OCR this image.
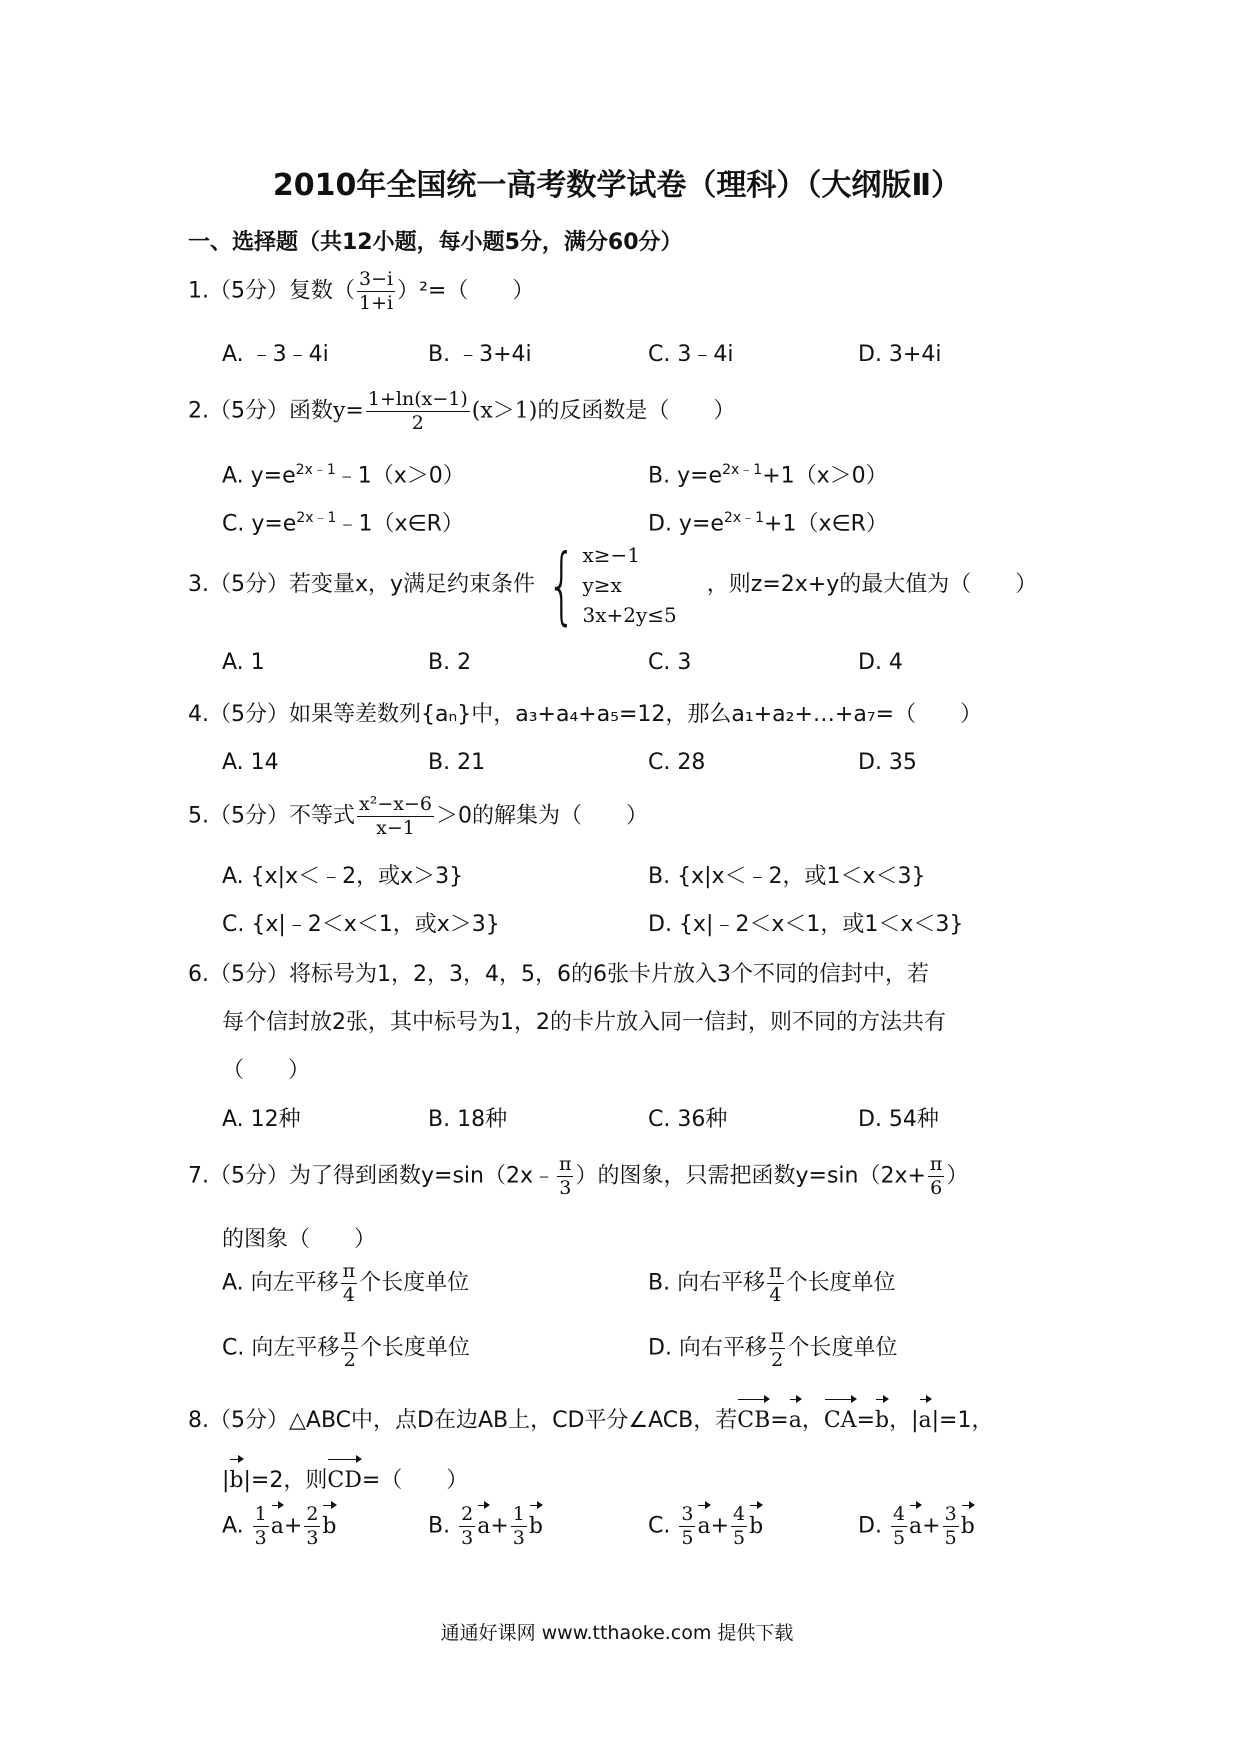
2010年全国统一高考数学试卷（理科）（大纲版Ⅱ）
一、选择题（共12小题，每小题5分，满分60分）
1.（5分）复数（ $\frac{3-i}{1+i} )^2=$（　　）
A. ﹣3﹣4i	B. ﹣3+4i	C. 3﹣4i	D. 3+4i
2.（5分）函数$y= \frac{1+\ln(x-1)}{2} (x>1)$的反函数是（　　）
A. $y=e^{2x﹣1}﹣1(x>0)$	B. $y=e^{2x﹣1}+1(x>0)$
C. $y=e^{2x﹣1}﹣1(x\in R)$	D. $y=e^{2x﹣1}+1(x\in R)$
3.（5分）若变量x，y满足约束条件 { x≥−1
y≥x
3x+2y≤5
，则z=2x+y的最大值为（　　）
A. 1	B. 2	C. 3	D. 4
4.（5分）如果等差数列{aₙ}中，a₃+a₄+a₅=12，那么a₁+a₂+…+a₇=（　　）
A. 14	B. 21	C. 28	D. 35
5.（5分）不等式 $\frac{\text{x²−x−6}}{x-1} >0$的解集为（　　）
A. {x|x＜﹣2，或x＞3}	B. {x|x＜﹣2，或1＜x＜3}
C. {x|﹣2＜x＜1，或x＞3}	D. {x|﹣2＜x＜1，或1＜x＜3}
6.（5分）将标号为1，2，3，4，5，6的6张卡片放入3个不同的信封中，若
每个信封放2张，其中标号为1，2的卡片放入同一信封，则不同的方法共有
（　　）
A. 12种	B. 18种	C. 36种	D. 54种
7.（5分）为了得到函数y=sin（2x﹣ $\frac{\pi}{3}$ ）的图象，只需把函数$y=\sin(2x+ \frac{\pi}{6}$ ）
的图象（　　）
A. 向左平移 $\frac{\pi}{4}$ 个长度单位	B. 向右平移 $\frac{\pi}{4}$ 个长度单位
C. 向左平移 $\frac{\pi}{2}$ 个长度单位	D. 向右平移 $\frac{\pi}{2}$ 个长度单位
8.（5分）△ABC中，点D在边AB上，CD平分∠ACB，若CB=a，CA=b，|a|=1，
|b|=2，则CD=（　　）
A. $\frac{1}{3} a+ \frac{2}{3}$ b	B. $\frac{2}{3} a+ \frac{1}{3}$ b	C. $\frac{3}{5} a+ \frac{4}{5}$ b	D. $\frac{4}{5} a+ \frac{3}{5}$ b
通通好课网 www.tthaoke.com 提供下载
